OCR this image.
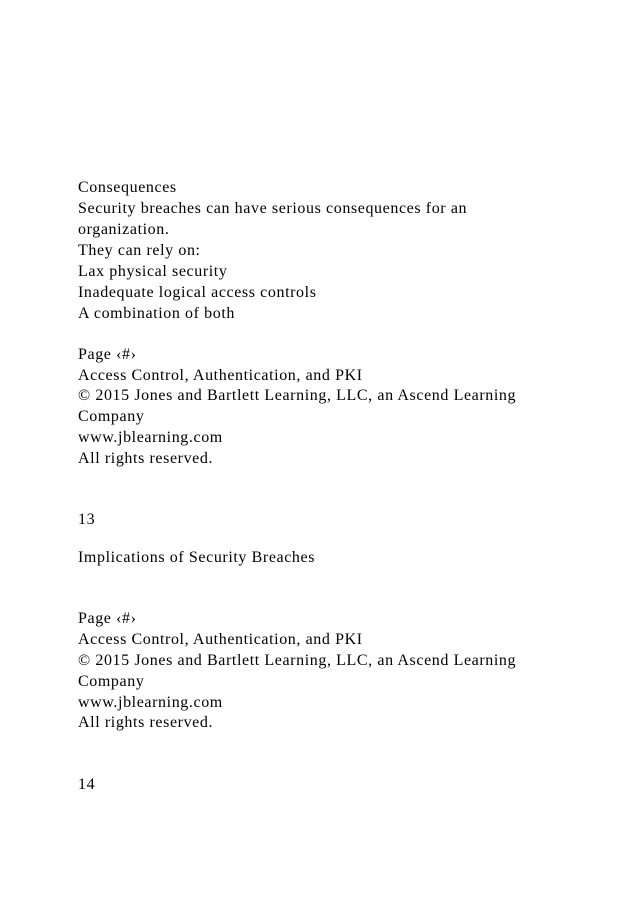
Consequences
Security breaches can have serious consequences for an
organization.
They can rely on:
Lax physical security
Inadequate logical access controls
A combination of both
Page ‹#›
Access Control, Authentication, and PKI
© 2015 Jones and Bartlett Learning, LLC, an Ascend Learning
Company
www.jblearning.com
All rights reserved.
13
Implications of Security Breaches
Page ‹#›
Access Control, Authentication, and PKI
© 2015 Jones and Bartlett Learning, LLC, an Ascend Learning
Company
www.jblearning.com
All rights reserved.
14
